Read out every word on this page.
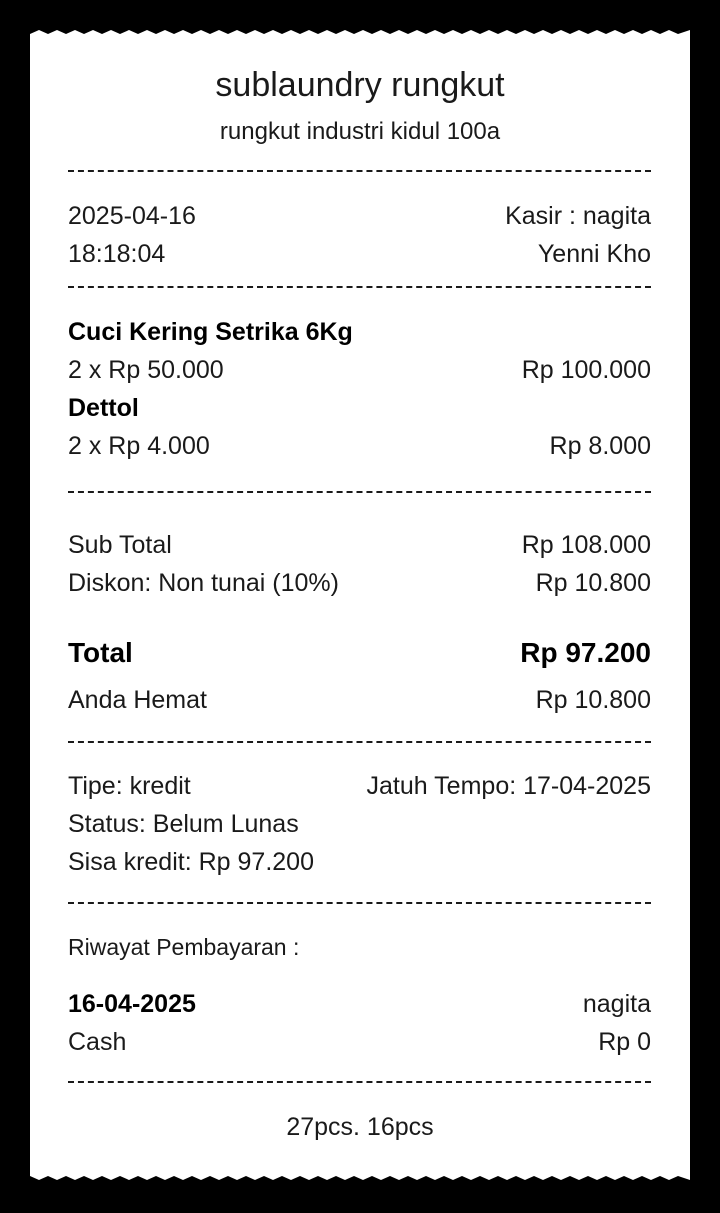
sublaundry rungkut
rungkut industri kidul 100a
2025-04-16	Kasir : nagita
18:18:04	Yenni Kho
Cuci Kering Setrika 6Kg
2 x Rp 50.000	Rp 100.000
Dettol
2 x Rp 4.000	Rp 8.000
Sub Total	Rp 108.000
Diskon: Non tunai (10%)	Rp 10.800
Total	Rp 97.200
Anda Hemat	Rp 10.800
Tipe: kredit	Jatuh Tempo: 17-04-2025
Status: Belum Lunas
Sisa kredit: Rp 97.200
Riwayat Pembayaran :
16-04-2025	nagita
Cash	Rp 0
27pcs. 16pcs
